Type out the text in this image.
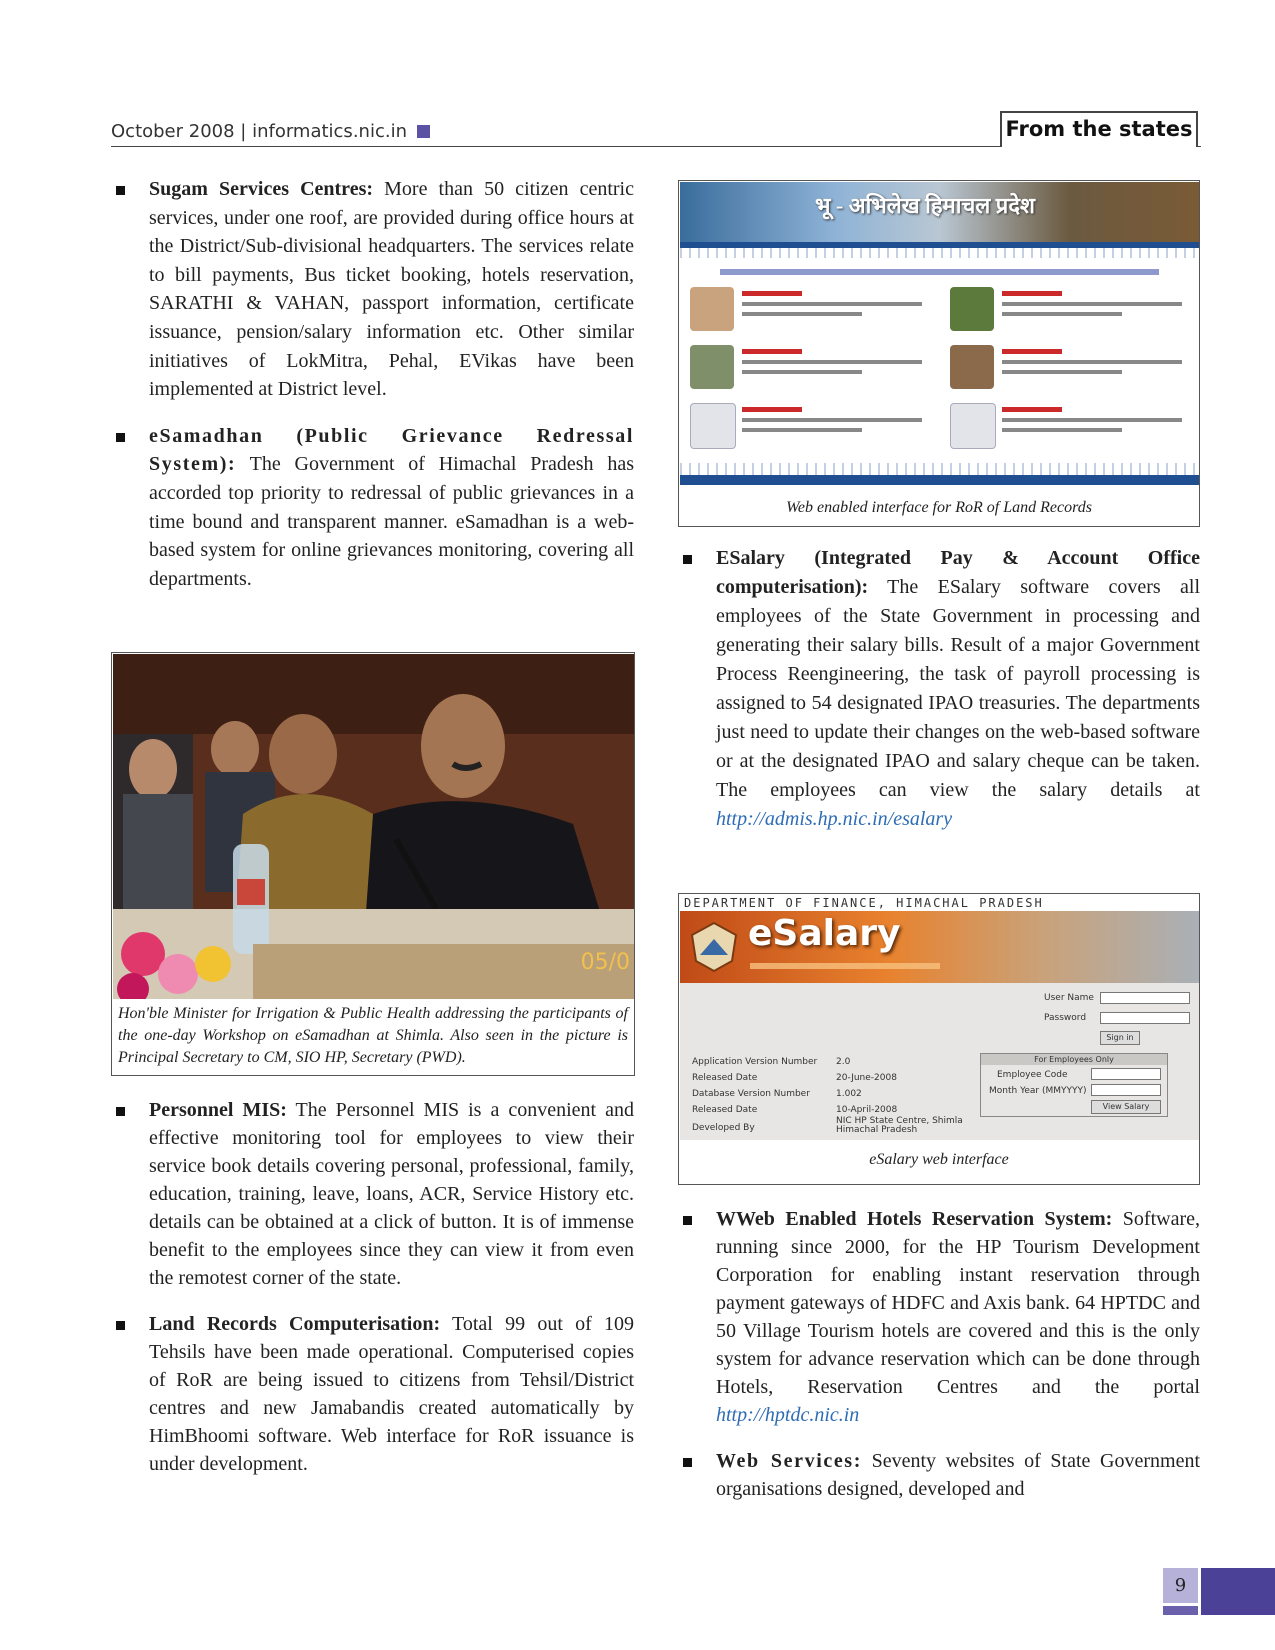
October 2008 | informatics.nic.in	From the states
Sugam Services Centres: More than 50 citizen centric services, under one roof, are provided during office hours at the District/Sub-divisional headquarters. The services relate to bill payments, Bus ticket booking, hotels reservation, SARATHI & VAHAN, passport information, certificate issuance, pension/salary information etc. Other similar initiatives of LokMitra, Pehal, EVikas have been implemented at District level.
eSamadhan (Public Grievance Redressal System): The Government of Himachal Pradesh has accorded top priority to redressal of public grievances in a time bound and transparent manner. eSamadhan is a web-based system for online grievances monitoring, covering all departments.
05/0
Hon'ble Minister for Irrigation & Public Health addressing the participants of the one-day Workshop on eSamadhan at Shimla. Also seen in the picture is Principal Secretary to CM, SIO HP, Secretary (PWD).
Personnel MIS: The Personnel MIS is a convenient and effective monitoring tool for employees to view their service book details covering personal, professional, family, education, training, leave, loans, ACR, Service History etc. details can be obtained at a click of button. It is of immense benefit to the employees since they can view it from even the remotest corner of the state.
Land Records Computerisation: Total 99 out of 109 Tehsils have been made operational. Computerised copies of RoR are being issued to citizens from Tehsil/District centres and new Jamabandis created automatically by HimBhoomi software. Web interface for RoR issuance is under development.
भू - अभिलेख हिमाचल प्रदेश
Web enabled interface for RoR of Land Records
ESalary (Integrated Pay & Account Office computerisation): The ESalary software covers all employees of the State Government in processing and generating their salary bills. Result of a major Government Process Reengineering, the task of payroll processing is assigned to 54 designated IPAO treasuries. The departments just need to update their changes on the web-based software or at the designated IPAO and salary cheque can be taken. The employees can view the salary details at http://admis.hp.nic.in/esalary
DEPARTMENT OF FINANCE, HIMACHAL PRADESH
eSalary
User Name
Password
Sign in
Application Version Number 2.0
Released Date	20-June-2008
Database Version Number	1.002
Released Date	10-April-2008
Developed By
NIC HP State Centre, Shimla Himachal Pradesh
For Employees Only
Employee Code
Month Year (MMYYYY)
View Salary
eSalary web interface
WWeb Enabled Hotels Reservation System: Software, running since 2000, for the HP Tourism Development Corporation for enabling instant reservation through payment gateways of HDFC and Axis bank. 64 HPTDC and 50 Village Tourism hotels are covered and this is the only system for advance reservation which can be done through Hotels, Reservation Centres and the portal http://hptdc.nic.in
Web Services: Seventy websites of State Government organisations designed, developed and
9
